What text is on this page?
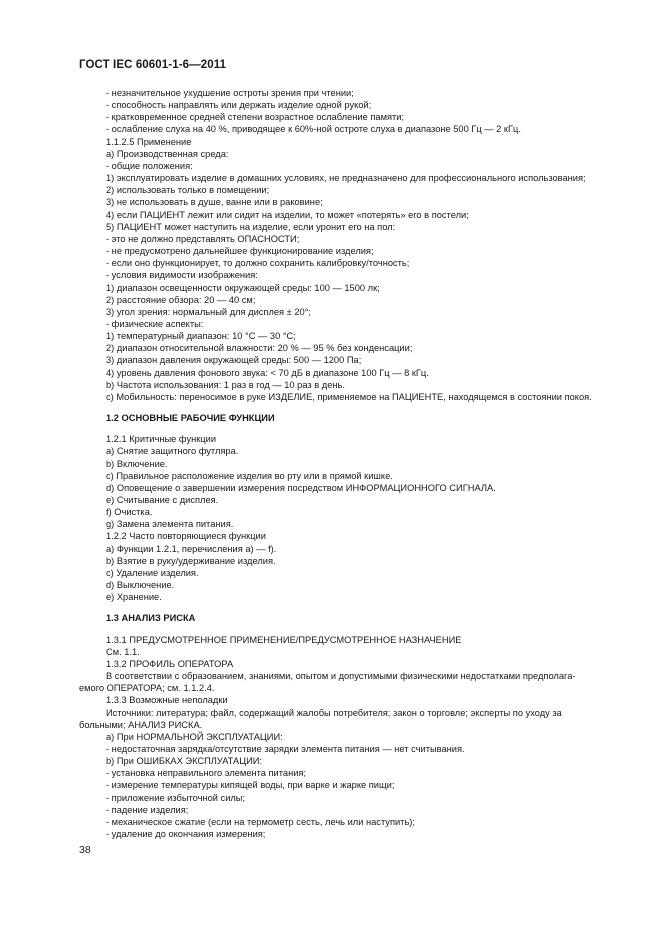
ГОСТ IEC 60601-1-6—2011
- незначительное ухудшение остроты зрения при чтении;
- способность направлять или держать изделие одной рукой;
- кратковременное средней степени возрастное ослабление памяти;
- ослабление слуха на 40 %, приводящее к 60%-ной остроте слуха в диапазоне 500 Гц — 2 кГц.
1.1.2.5 Применение
a) Производственная среда:
- общие положения:
1) эксплуатировать изделие в домашних условиях, не предназначено для профессионального использования;
2) использовать только в помещении;
3) не использовать в душе, ванне или в раковине;
4) если ПАЦИЕНТ лежит или сидит на изделии, то может «потерять» его в постели;
5) ПАЦИЕНТ может наступить на изделие, если уронит его на пол:
- это не должно представлять ОПАСНОСТИ;
- не предусмотрено дальнейшее функционирование изделия;
- если оно функционирует, то должно сохранить калибровку/точность;
- условия видимости изображения:
1) диапазон освещенности окружающей среды: 100 — 1500 лк;
2) расстояние обзора: 20 — 40 см;
3) угол зрения: нормальный для дисплея ± 20°;
- физические аспекты:
1) температурный диапазон: 10 °C — 30 °C;
2) диапазон относительной влажности: 20 % — 95 % без конденсации;
3) диапазон давления окружающей среды: 500 — 1200 Па;
4) уровень давления фонового звука: < 70 дБ в диапазоне 100 Гц — 8 кГц.
b) Частота использования: 1 раз в год — 10 раз в день.
c) Мобильность: переносимое в руке ИЗДЕЛИЕ, применяемое на ПАЦИЕНТЕ, находящемся в состоянии покоя.
1.2 ОСНОВНЫЕ РАБОЧИЕ ФУНКЦИИ
1.2.1 Критичные функции
a) Снятие защитного футляра.
b) Включение.
c) Правильное расположение изделия во рту или в прямой кишке.
d) Оповещение о завершении измерения посредством ИНФОРМАЦИОННОГО СИГНАЛА.
e) Считывание с дисплея.
f) Очистка.
g) Замена элемента питания.
1.2.2 Часто повторяющиеся функции
a) Функции 1.2.1, перечисления a) — f).
b) Взятие в руку/удерживание изделия.
c) Удаление изделия.
d) Выключение.
e) Хранение.
1.3 АНАЛИЗ РИСКА
1.3.1 ПРЕДУСМОТРЕННОЕ ПРИМЕНЕНИЕ/ПРЕДУСМОТРЕННОЕ НАЗНАЧЕНИЕ
См. 1.1.
1.3.2 ПРОФИЛЬ ОПЕРАТОРА
В соответствии с образованием, знаниями, опытом и допустимыми физическими недостатками предполага-
емого ОПЕРАТОРА; см. 1.1.2.4.
1.3.3 Возможные неполадки
Источники: литература; файл, содержащий жалобы потребителя; закон о торговле; эксперты по уходу за
больными; АНАЛИЗ РИСКА.
a) При НОРМАЛЬНОЙ ЭКСПЛУАТАЦИИ:
- недостаточная зарядка/отсутствие зарядки элемента питания — нет считывания.
b) При ОШИБКАХ ЭКСПЛУАТАЦИИ:
- установка неправильного элемента питания;
- измерение температуры кипящей воды, при варке и жарке пищи;
- приложение избыточной силы;
- падение изделия;
- механическое сжатие (если на термометр сесть, лечь или наступить);
- удаление до окончания измерения;
38
